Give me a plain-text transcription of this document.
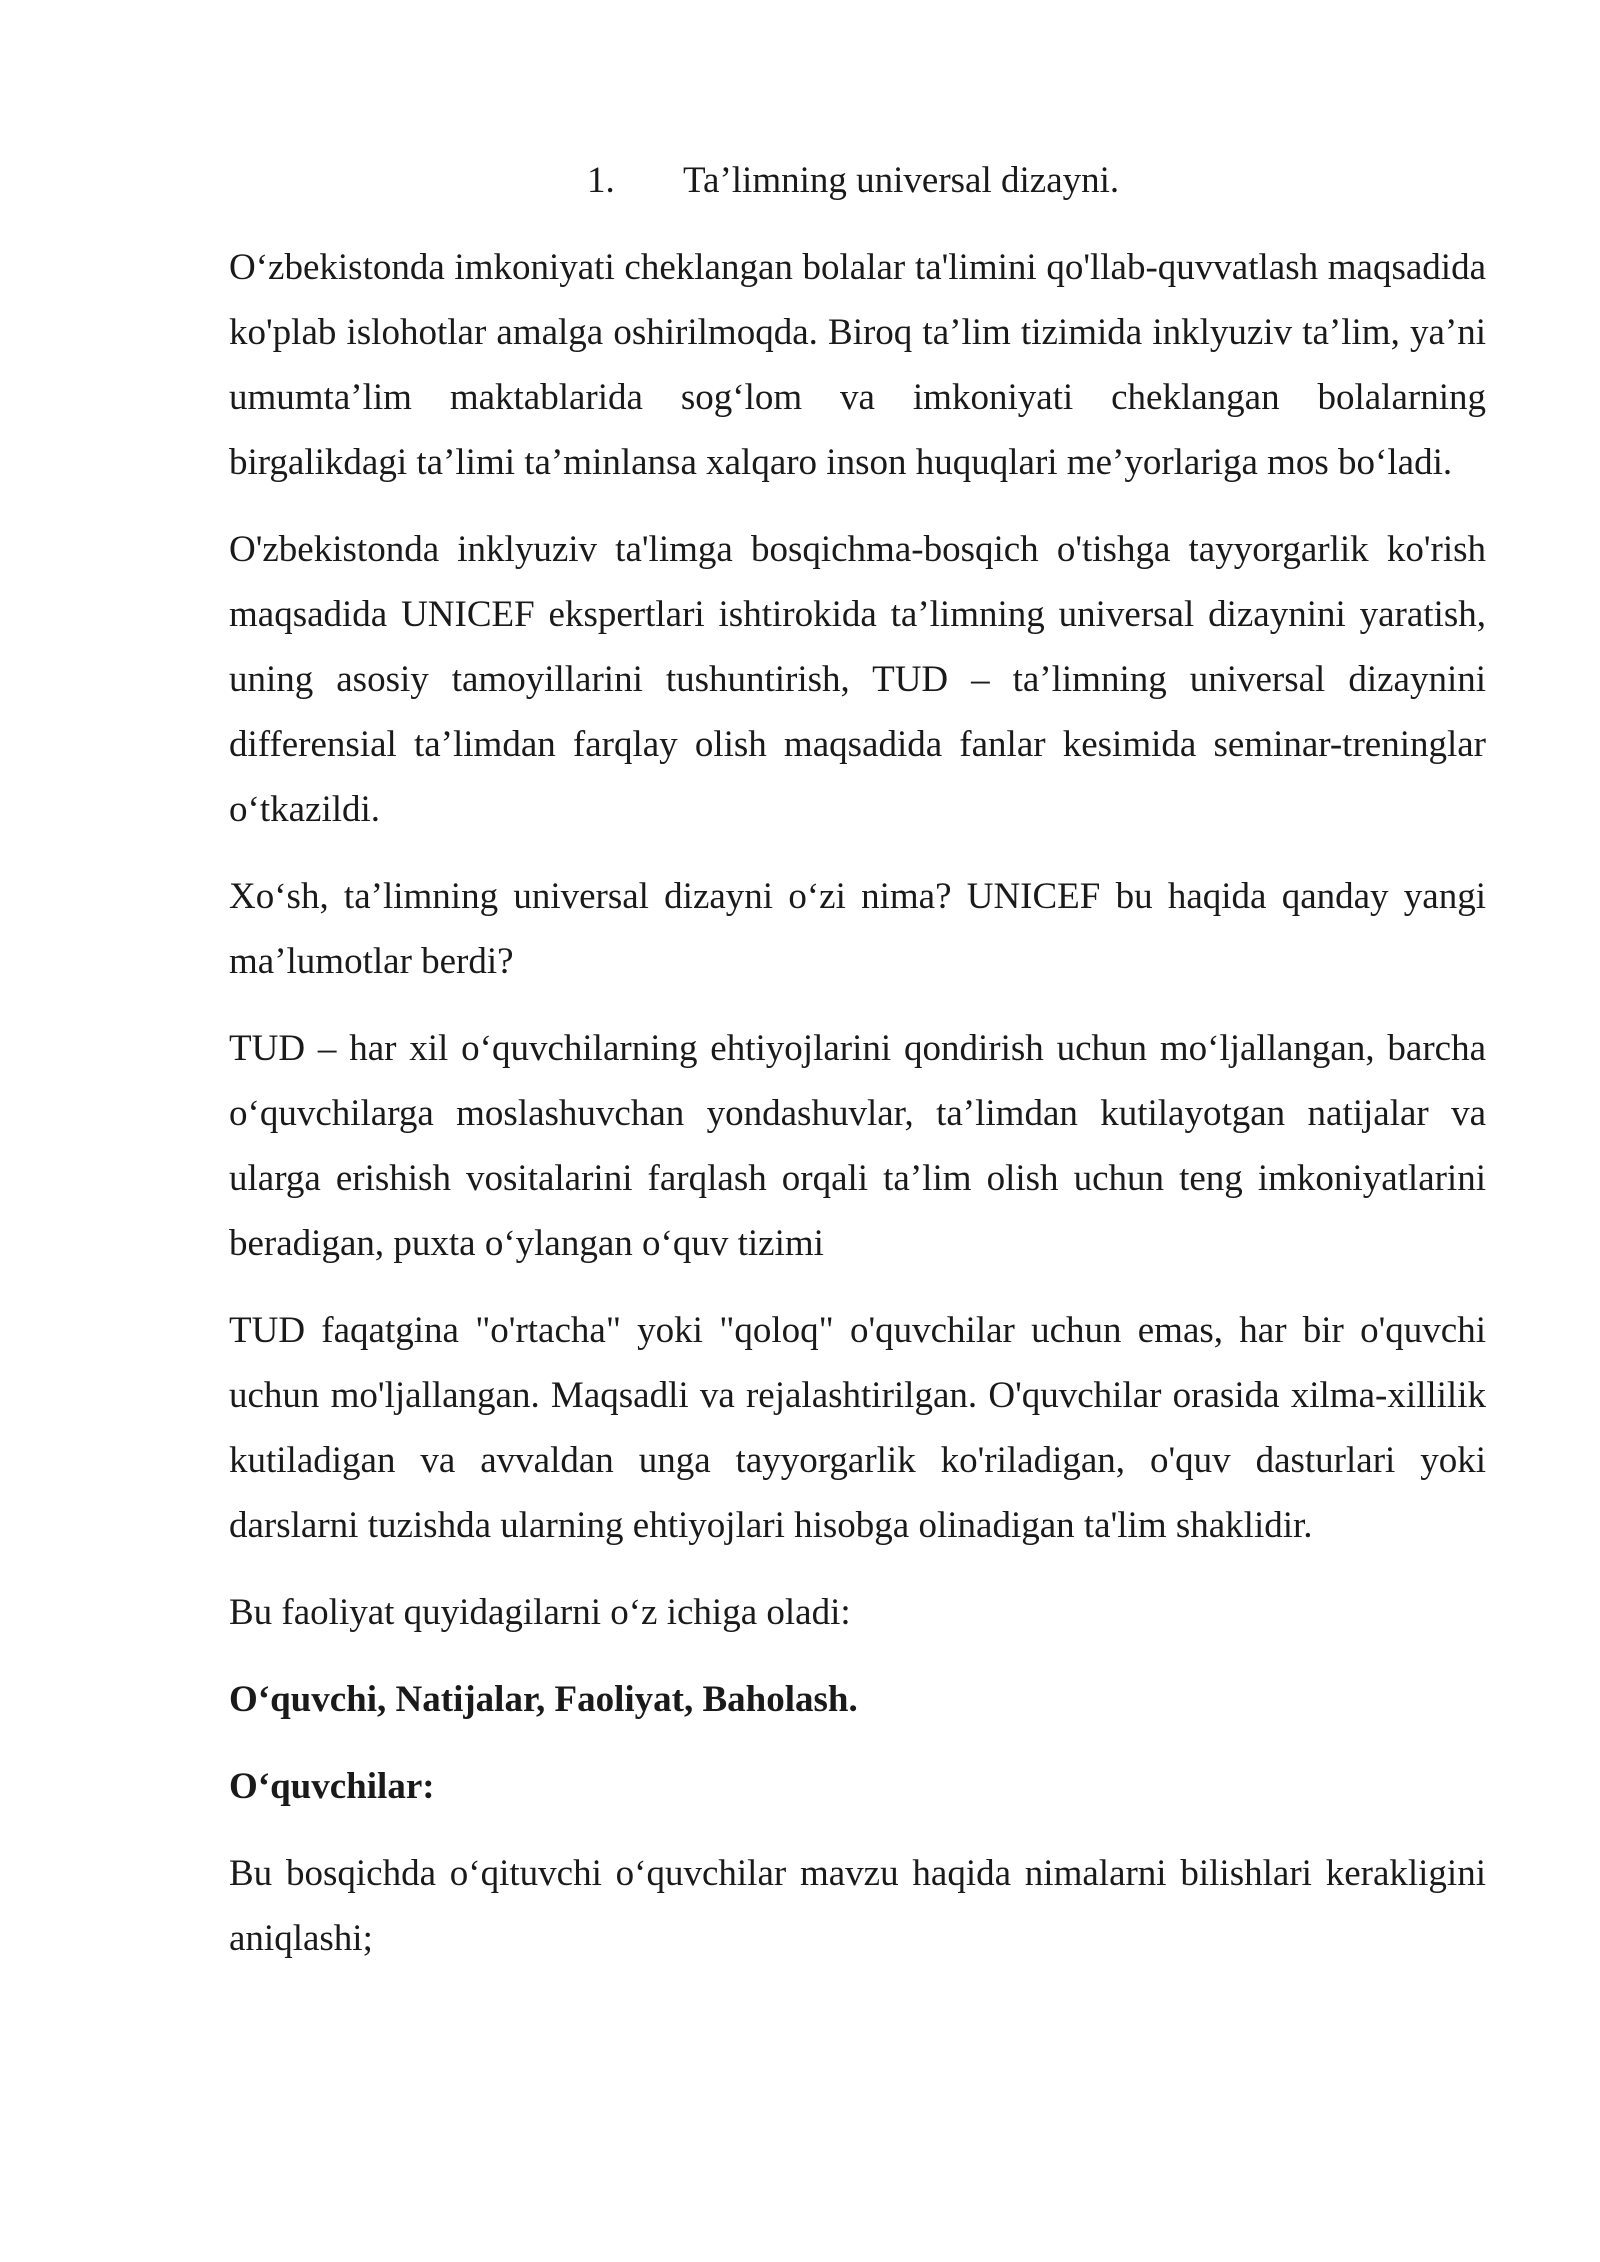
1. Ta’limning universal dizayni.

O‘zbekistonda imkoniyati cheklangan bolalar ta'limini qo'llab-quvvatlash maqsadida ko'plab islohotlar amalga oshirilmoqda. Biroq ta’lim tizimida inklyuziv ta’lim, ya’ni umumta’lim maktablarida sog‘lom va imkoniyati cheklangan bolalarning birgalikdagi ta’limi ta’minlansa xalqaro inson huquqlari me’yorlariga mos bo‘ladi.

O'zbekistonda inklyuziv ta'limga bosqichma-bosqich o'tishga tayyorgarlik ko'rish maqsadida UNICEF ekspertlari ishtirokida ta’limning universal dizaynini yaratish, uning asosiy tamoyillarini tushuntirish, TUD – ta’limning universal dizaynini differensial ta’limdan farqlay olish maqsadida fanlar kesimida seminar-treninglar o‘tkazildi.

Xo‘sh, ta’limning universal dizayni o‘zi nima? UNICEF bu haqida qanday yangi ma’lumotlar berdi?

TUD – har xil o‘quvchilarning ehtiyojlarini qondirish uchun mo‘ljallangan, barcha o‘quvchilarga moslashuvchan yondashuvlar, ta’limdan kutilayotgan natijalar va ularga erishish vositalarini farqlash orqali ta’lim olish uchun teng imkoniyatlarini beradigan, puxta o‘ylangan o‘quv tizimi

TUD faqatgina "o'rtacha" yoki "qoloq" o'quvchilar uchun emas, har bir o'quvchi uchun mo'ljallangan. Maqsadli va rejalashtirilgan. O'quvchilar orasida xilma-xillilik kutiladigan va avvaldan unga tayyorgarlik ko'riladigan, o'quv dasturlari yoki darslarni tuzishda ularning ehtiyojlari hisobga olinadigan ta'lim shaklidir.

Bu faoliyat quyidagilarni o‘z ichiga oladi:

O‘quvchi, Natijalar, Faoliyat, Baholash.

O‘quvchilar:

Bu bosqichda o‘qituvchi o‘quvchilar mavzu haqida nimalarni bilishlari kerakligini aniqlashi;
